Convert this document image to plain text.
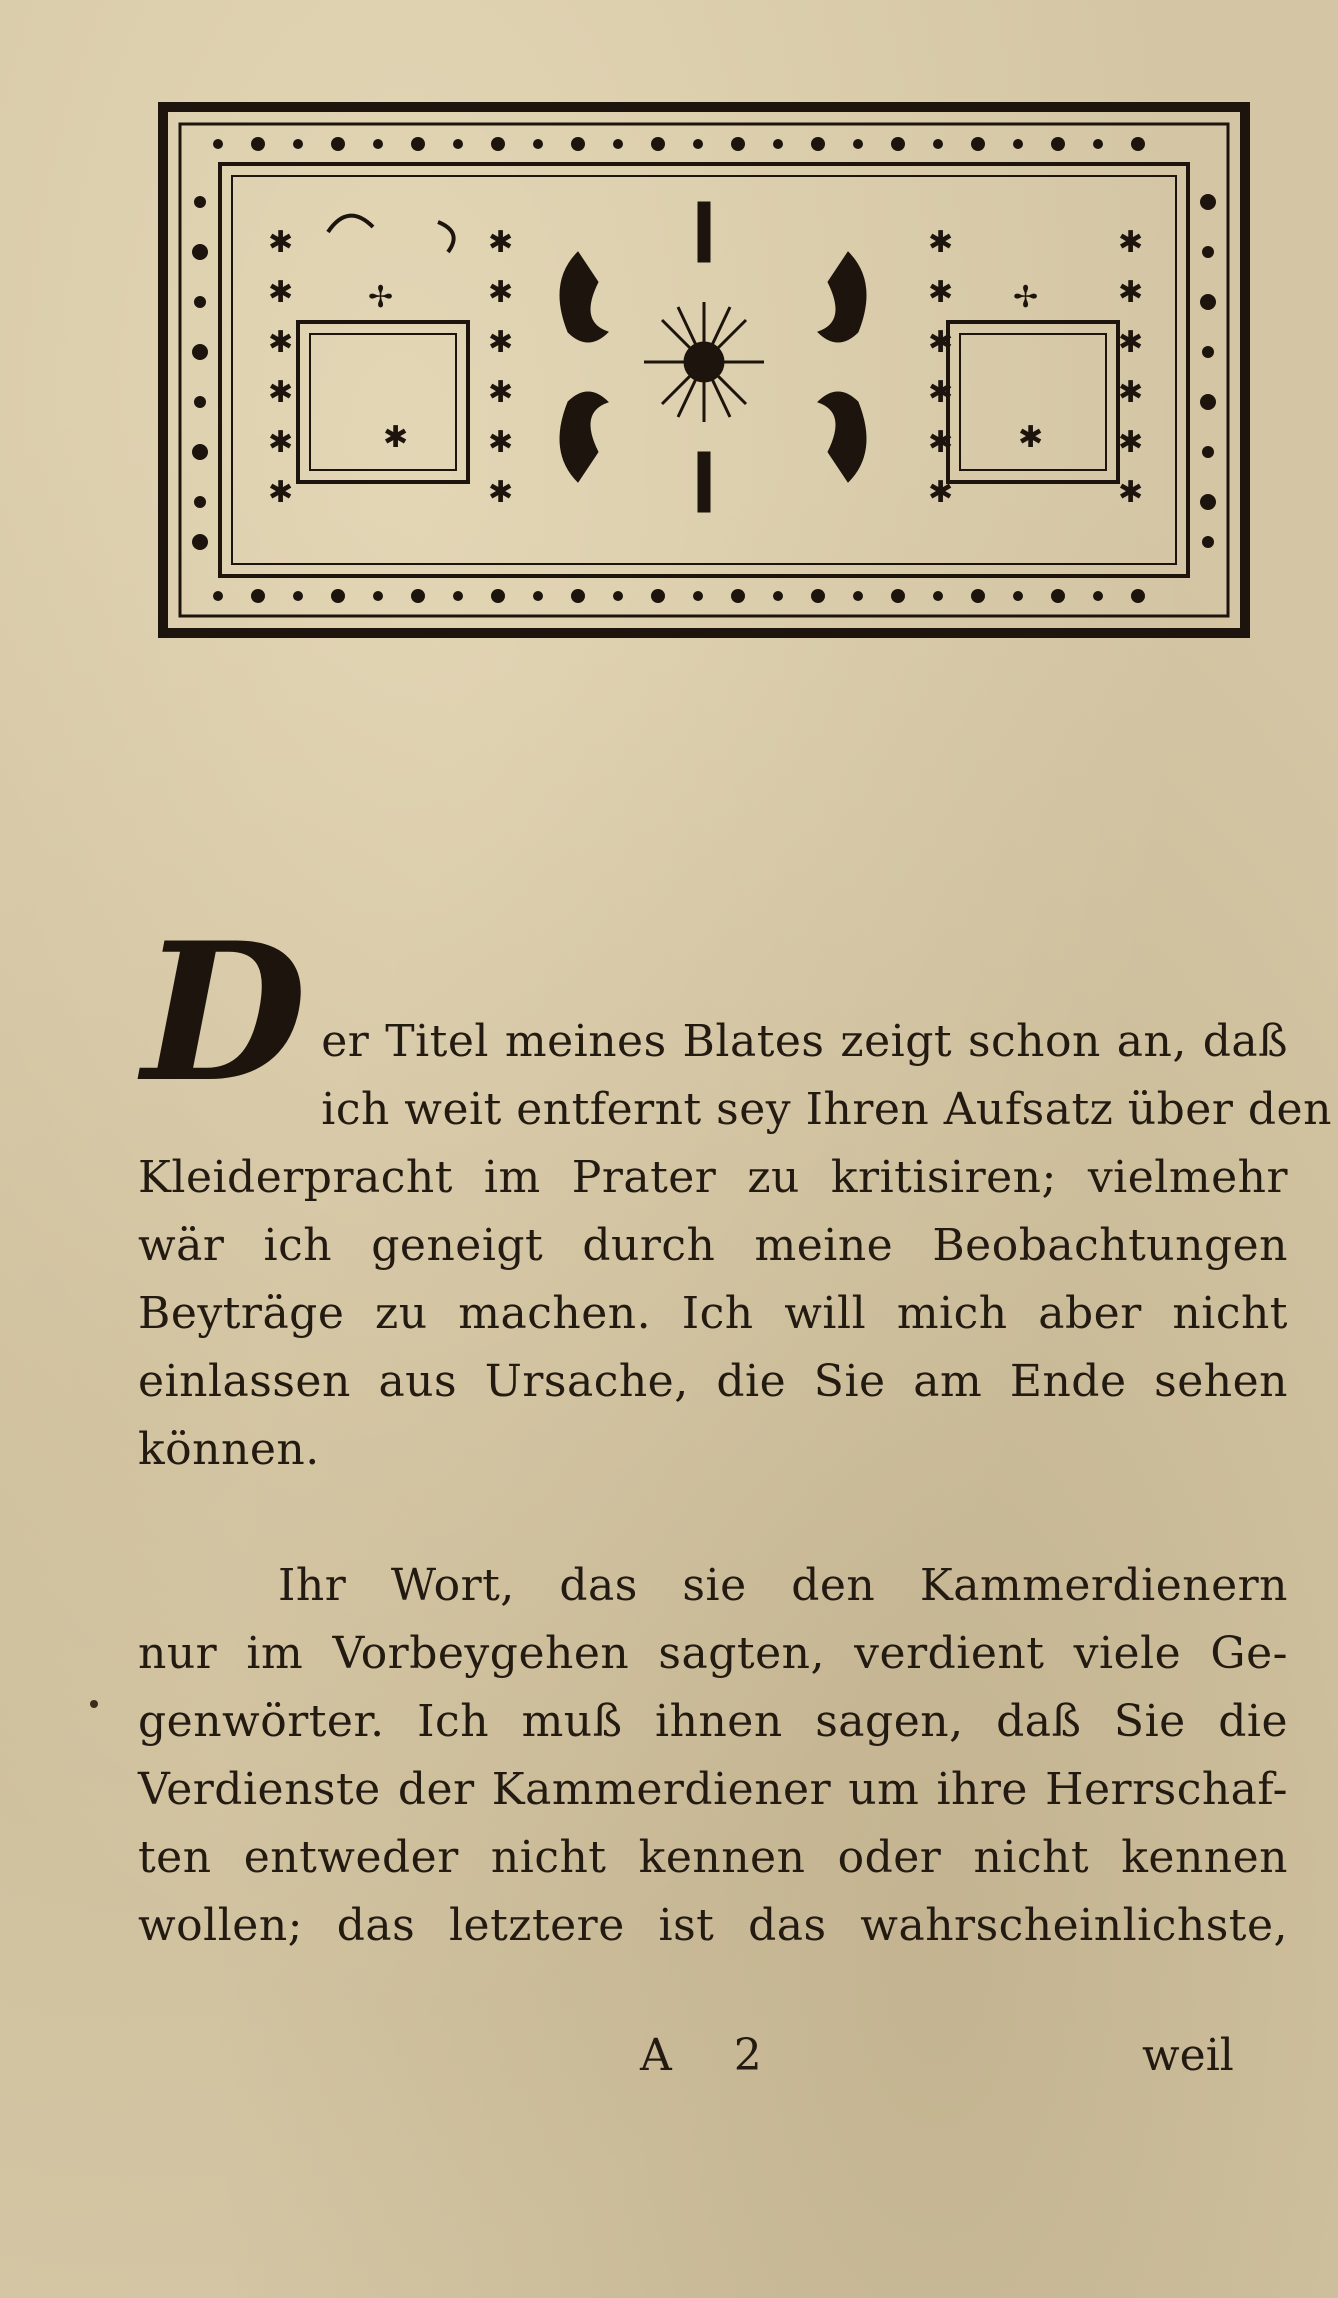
✱
✱
✱
✱
✱
✱
✱
✱
✱
✱
✱
✱
✢
✱
✱
✱
✱
✱
✱
✱
✱
✱
✱
✱
✱
✱
✢
✱

D er Titel meines Blates zeigt schon an, daß
ich weit entfernt sey Ihren Aufsatz über den
Kleiderpracht im Prater zu kritisiren; vielmehr
wär ich geneigt durch meine Beobachtungen
Beyträge zu machen. Ich will mich aber nicht
einlassen aus Ursache, die Sie am Ende sehen
können.

Ihr Wort, das sie den Kammerdienern
nur im Vorbeygehen sagten, verdient viele Ge-
genwörter. Ich muß ihnen sagen, daß Sie die
Verdienste der Kammerdiener um ihre Herrschaf-
ten entweder nicht kennen oder nicht kennen
wollen; das letztere ist das wahrscheinlichste,

A 2	weil
